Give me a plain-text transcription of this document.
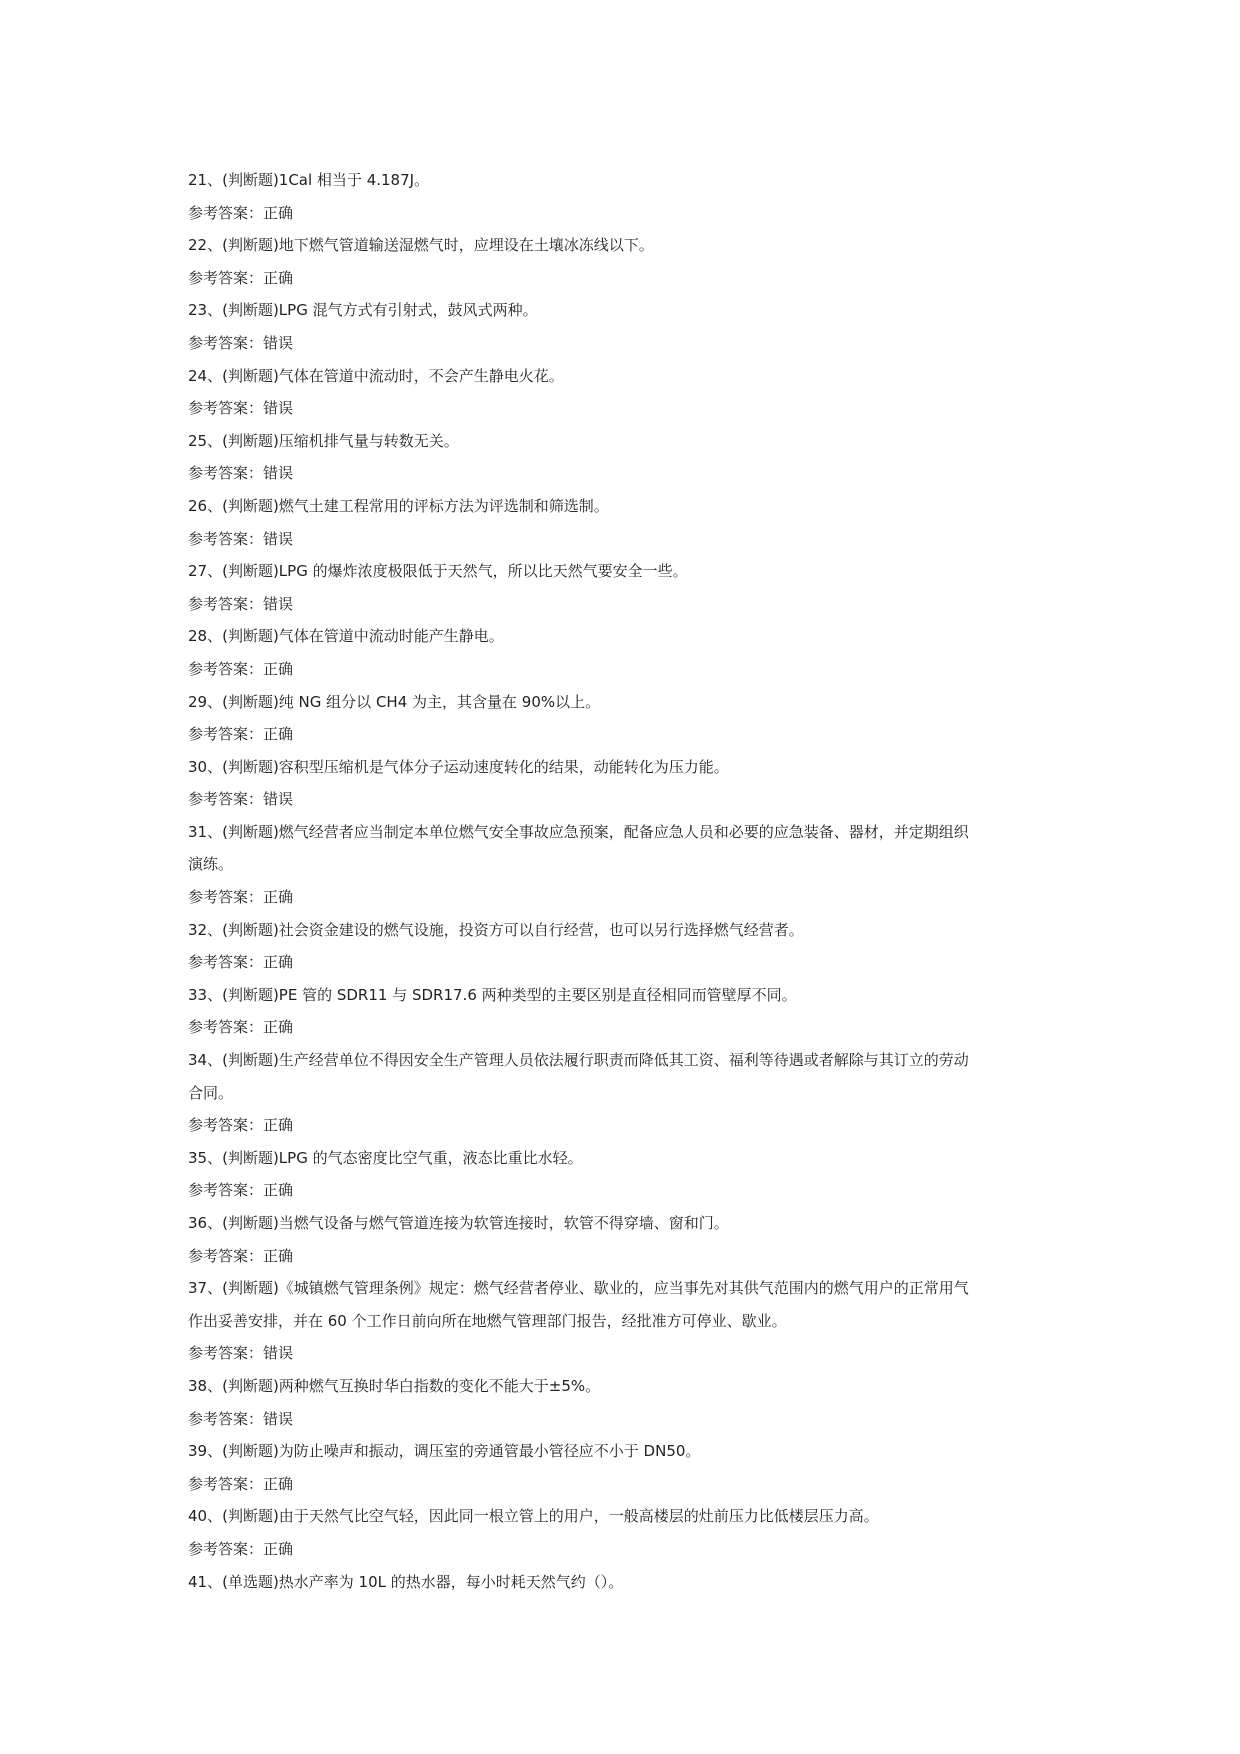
21、(判断题)1Cal 相当于 4.187J。
参考答案：正确
22、(判断题)地下燃气管道输送湿燃气时，应埋设在土壤冰冻线以下。
参考答案：正确
23、(判断题)LPG 混气方式有引射式，鼓风式两种。
参考答案：错误
24、(判断题)气体在管道中流动时，不会产生静电火花。
参考答案：错误
25、(判断题)压缩机排气量与转数无关。
参考答案：错误
26、(判断题)燃气土建工程常用的评标方法为评选制和筛选制。
参考答案：错误
27、(判断题)LPG 的爆炸浓度极限低于天然气，所以比天然气要安全一些。
参考答案：错误
28、(判断题)气体在管道中流动时能产生静电。
参考答案：正确
29、(判断题)纯 NG 组分以 CH4 为主，其含量在 90%以上。
参考答案：正确
30、(判断题)容积型压缩机是气体分子运动速度转化的结果，动能转化为压力能。
参考答案：错误
31、(判断题)燃气经营者应当制定本单位燃气安全事故应急预案，配备应急人员和必要的应急装备、器材，并定期组织
演练。
参考答案：正确
32、(判断题)社会资金建设的燃气设施，投资方可以自行经营，也可以另行选择燃气经营者。
参考答案：正确
33、(判断题)PE 管的 SDR11 与 SDR17.6 两种类型的主要区别是直径相同而管壁厚不同。
参考答案：正确
34、(判断题)生产经营单位不得因安全生产管理人员依法履行职责而降低其工资、福利等待遇或者解除与其订立的劳动
合同。
参考答案：正确
35、(判断题)LPG 的气态密度比空气重，液态比重比水轻。
参考答案：正确
36、(判断题)当燃气设备与燃气管道连接为软管连接时，软管不得穿墙、窗和门。
参考答案：正确
37、(判断题)《城镇燃气管理条例》规定：燃气经营者停业、歇业的，应当事先对其供气范围内的燃气用户的正常用气
作出妥善安排，并在 60 个工作日前向所在地燃气管理部门报告，经批准方可停业、歇业。
参考答案：错误
38、(判断题)两种燃气互换时华白指数的变化不能大于±5%。
参考答案：错误
39、(判断题)为防止噪声和振动，调压室的旁通管最小管径应不小于 DN50。
参考答案：正确
40、(判断题)由于天然气比空气轻，因此同一根立管上的用户，一般高楼层的灶前压力比低楼层压力高。
参考答案：正确
41、(单选题)热水产率为 10L 的热水器，每小时耗天然气约（）。
